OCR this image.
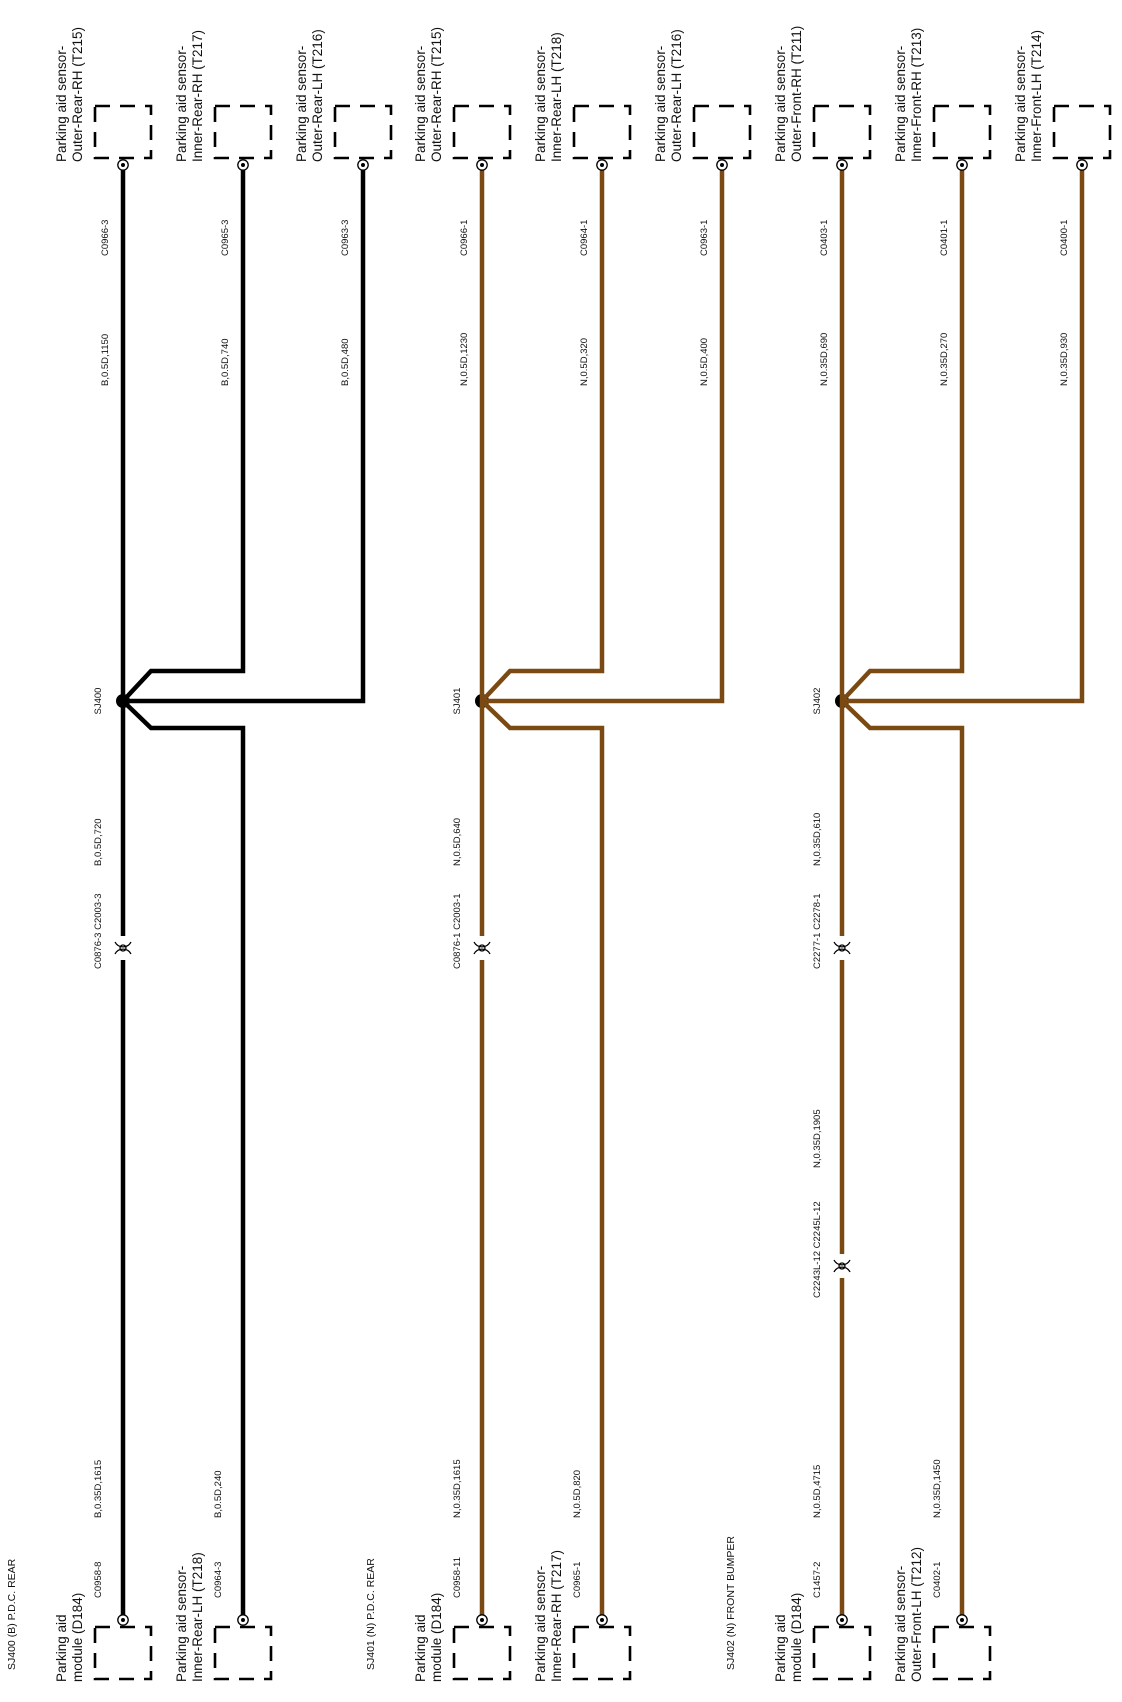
SJ400
Parking aid sensor- Outer-Rear-RH (T215)
C0966-3
B,0.5D,1150
Parking aid sensor- Inner-Rear-RH (T217)
C0965-3
B,0.5D,740
Parking aid sensor- Outer-Rear-LH (T216)
C0963-3
B,0.5D,480
B,0.5D,720
C0876-3 C2003-3
B,0.35D,1615
C0958-8
Parking aid module (D184)	Parking aid sensor- Inner-Rear-LH (T218)
B,0.5D,240
C0964-3
SJ400 (B) P.D.C. REAR
SJ401
Parking aid sensor- Outer-Rear-RH (T215)
C0966-1
N,0.5D,1230
Parking aid sensor- Inner-Rear-LH (T218)
C0964-1
N,0.5D,320
Parking aid sensor- Outer-Rear-LH (T216)
C0963-1
N,0.5D,400
N,0.5D,640
C0876-1 C2003-1
N,0.35D,1615
C0958-11
Parking aid module (D184)	Parking aid sensor- Inner-Rear-RH (T217)
N,0.5D,820
C0965-1
SJ401 (N) P.D.C. REAR
SJ402
Parking aid sensor- Outer-Front-RH (T211)
C0403-1
N,0.35D,690
Parking aid sensor- Inner-Front-RH (T213)
C0401-1
N,0.35D,270
Parking aid sensor- Inner-Front-LH (T214)
C0400-1
N,0.35D,930
N,0.35D,610
C2277-1 C2278-1
N,0.35D,1905
C2243L-12 C2245L-12
N,0.5D,4715
C1457-2
Parking aid module (D184)	Parking aid sensor- Outer-Front-LH (T212)
N,0.35D,1450
C0402-1
SJ402 (N) FRONT BUMPER
